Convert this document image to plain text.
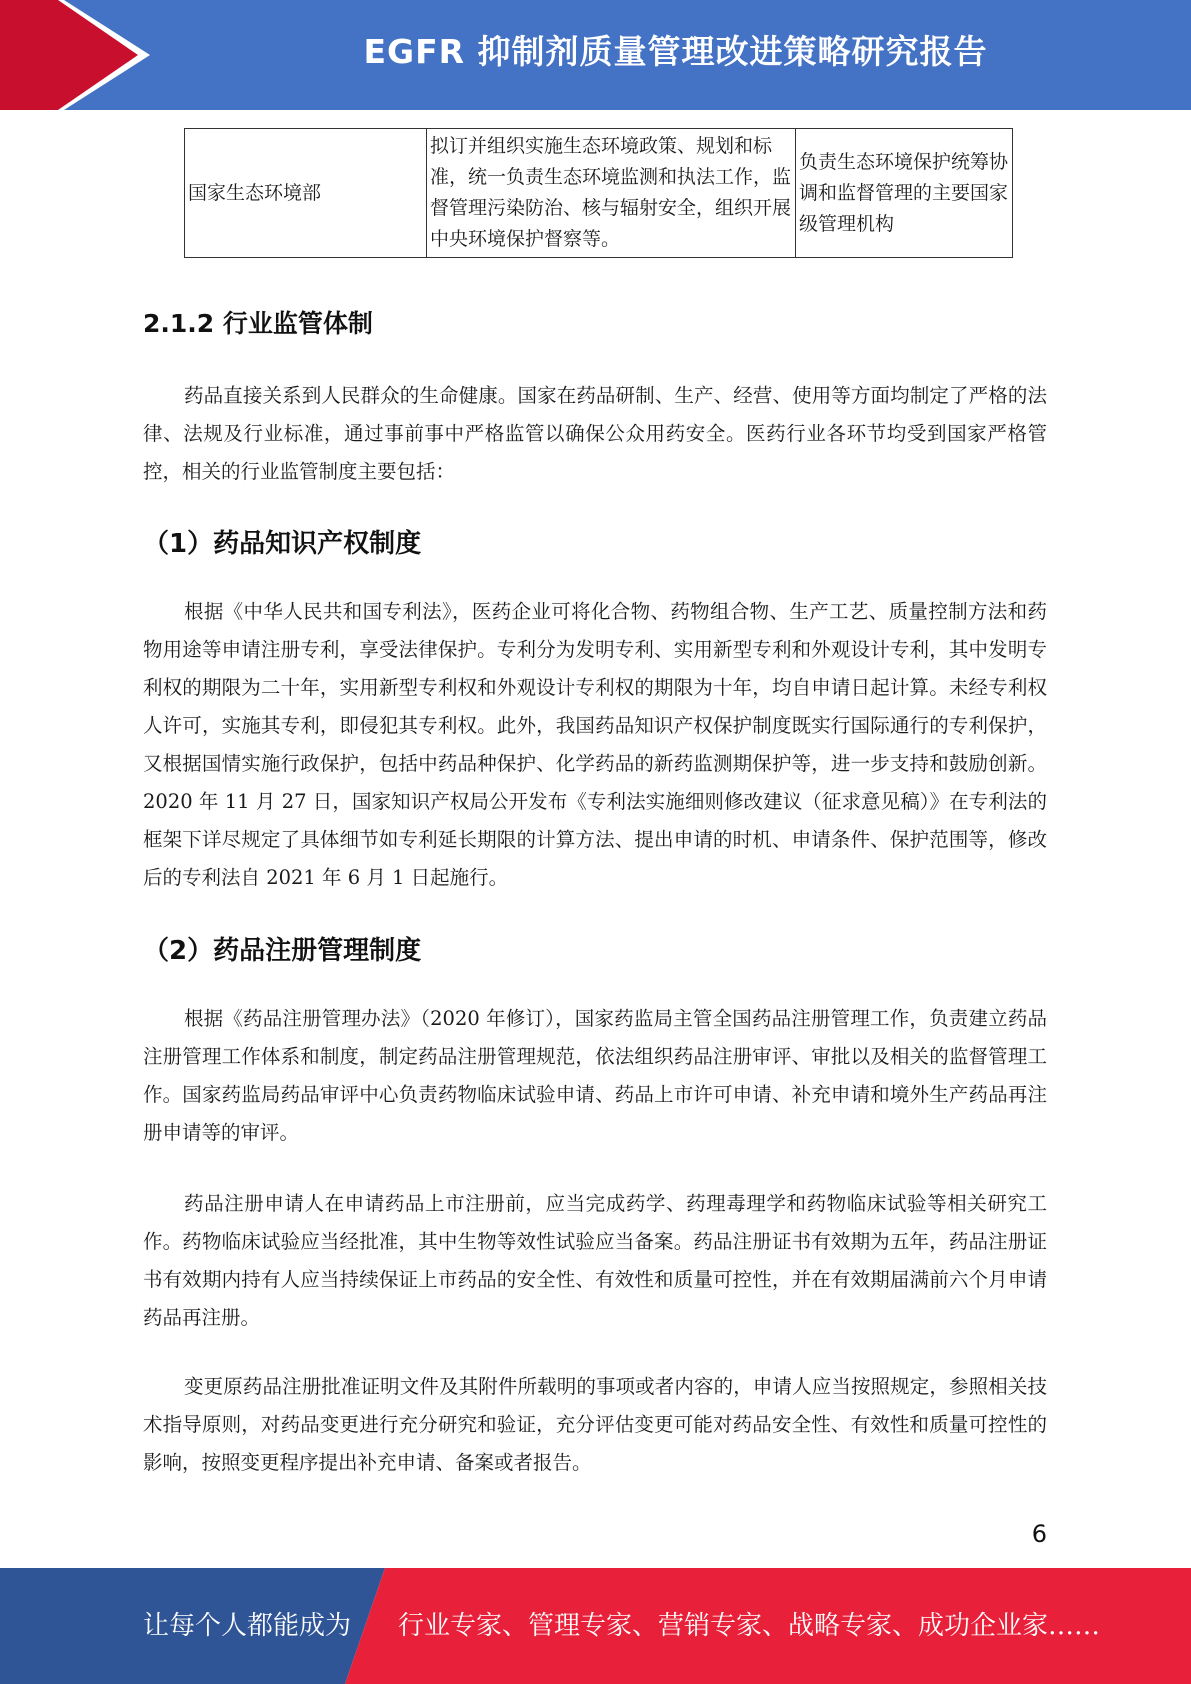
EGFR 抑制剂质量管理改进策略研究报告
国家生态环境部	拟订并组织实施生态环境政策、规划和标准，统一负责生态环境监测和执法工作，监督管理污染防治、核与辐射安全，组织开展中央环境保护督察等。	负责生态环境保护统筹协调和监督管理的主要国家级管理机构
2.1.2 行业监管体制

药品直接关系到人民群众的生命健康。国家在药品研制、生产、经营、使用等方面均制定了严格的法律、法规及行业标准，通过事前事中严格监管以确保公众用药安全。医药行业各环节均受到国家严格管控，相关的行业监管制度主要包括：

（1）药品知识产权制度

根据《中华人民共和国专利法》，医药企业可将化合物、药物组合物、生产工艺、质量控制方法和药物用途等申请注册专利，享受法律保护。专利分为发明专利、实用新型专利和外观设计专利，其中发明专利权的期限为二十年，实用新型专利权和外观设计专利权的期限为十年，均自申请日起计算。未经专利权人许可，实施其专利，即侵犯其专利权。此外，我国药品知识产权保护制度既实行国际通行的专利保护，又根据国情实施行政保护，包括中药品种保护、化学药品的新药监测期保护等，进一步支持和鼓励创新。2020 年 11 月 27 日，国家知识产权局公开发布《专利法实施细则修改建议（征求意见稿）》在专利法的框架下详尽规定了具体细节如专利延长期限的计算方法、提出申请的时机、申请条件、保护范围等，修改后的专利法自 2021 年 6 月 1 日起施行。

（2）药品注册管理制度

根据《药品注册管理办法》（2020 年修订），国家药监局主管全国药品注册管理工作，负责建立药品注册管理工作体系和制度，制定药品注册管理规范，依法组织药品注册审评、审批以及相关的监督管理工作。国家药监局药品审评中心负责药物临床试验申请、药品上市许可申请、补充申请和境外生产药品再注册申请等的审评。

药品注册申请人在申请药品上市注册前，应当完成药学、药理毒理学和药物临床试验等相关研究工作。药物临床试验应当经批准，其中生物等效性试验应当备案。药品注册证书有效期为五年，药品注册证书有效期内持有人应当持续保证上市药品的安全性、有效性和质量可控性，并在有效期届满前六个月申请药品再注册。

变更原药品注册批准证明文件及其附件所载明的事项或者内容的，申请人应当按照规定，参照相关技术指导原则，对药品变更进行充分研究和验证，充分评估变更可能对药品安全性、有效性和质量可控性的影响，按照变更程序提出补充申请、备案或者报告。

6
让每个人都能成为 行业专家、管理专家、营销专家、战略专家、成功企业家……
